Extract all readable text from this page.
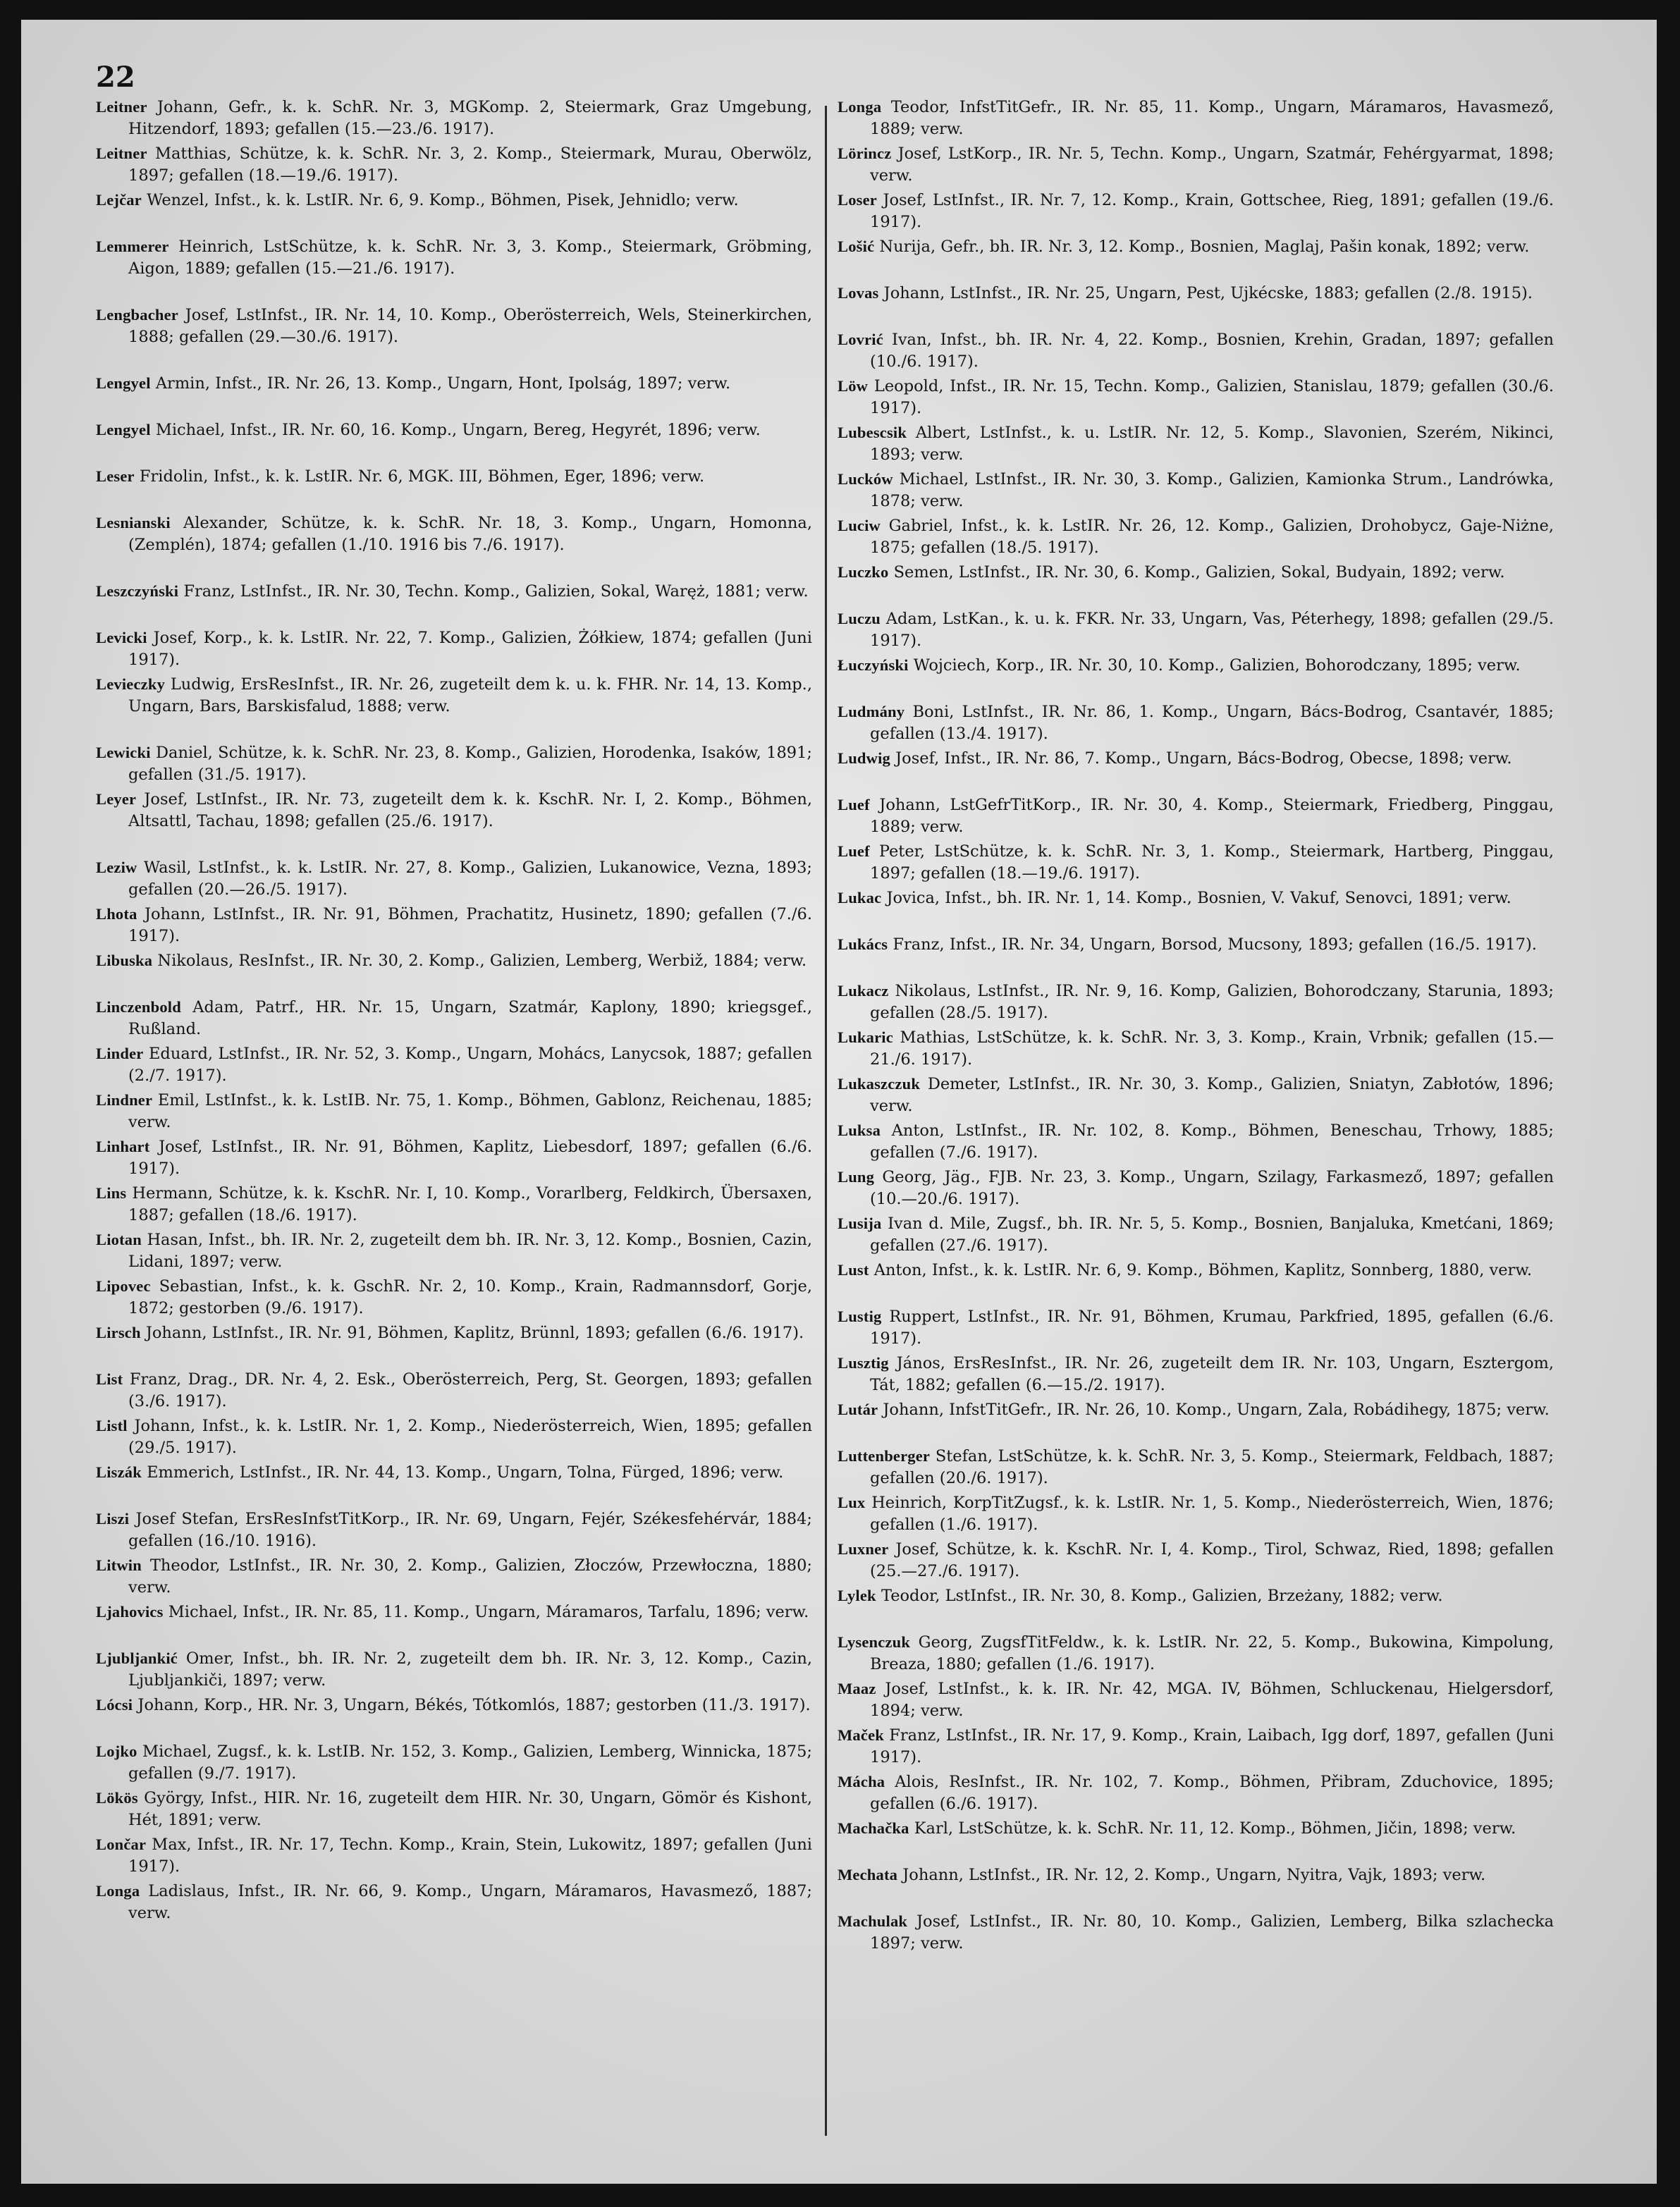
22

Leitner Johann, Gefr., k. k. SchR. Nr. 3, MGKomp. 2, Steiermark, Graz Umgebung, Hitzendorf, 1893; gefallen (15.—23./6. 1917).

Leitner Matthias, Schütze, k. k. SchR. Nr. 3, 2. Komp., Steiermark, Murau, Oberwölz, 1897; gefallen (18.—19./6. 1917).

Lejčar Wenzel, Infst., k. k. LstIR. Nr. 6, 9. Komp., Böhmen, Pisek, Jehnidlo; verw.

Lemmerer Heinrich, LstSchütze, k. k. SchR. Nr. 3, 3. Komp., Steiermark, Gröbming, Aigon, 1889; gefallen (15.—21./6. 1917).

Lengbacher Josef, LstInfst., IR. Nr. 14, 10. Komp., Oberösterreich, Wels, Steinerkirchen, 1888; gefallen (29.—30./6. 1917).

Lengyel Armin, Infst., IR. Nr. 26, 13. Komp., Ungarn, Hont, Ipolság, 1897; verw.

Lengyel Michael, Infst., IR. Nr. 60, 16. Komp., Ungarn, Bereg, Hegyrét, 1896; verw.

Leser Fridolin, Infst., k. k. LstIR. Nr. 6, MGK. III, Böhmen, Eger, 1896; verw.

Lesnianski Alexander, Schütze, k. k. SchR. Nr. 18, 3. Komp., Ungarn, Homonna, (Zemplén), 1874; gefallen (1./10. 1916 bis 7./6. 1917).

Leszczyński Franz, LstInfst., IR. Nr. 30, Techn. Komp., Galizien, Sokal, Waręż, 1881; verw.

Levicki Josef, Korp., k. k. LstIR. Nr. 22, 7. Komp., Galizien, Żółkiew, 1874; gefallen (Juni 1917).

Levieczky Ludwig, ErsResInfst., IR. Nr. 26, zugeteilt dem k. u. k. FHR. Nr. 14, 13. Komp., Ungarn, Bars, Barskisfalud, 1888; verw.

Lewicki Daniel, Schütze, k. k. SchR. Nr. 23, 8. Komp., Galizien, Horodenka, Isaków, 1891; gefallen (31./5. 1917).

Leyer Josef, LstInfst., IR. Nr. 73, zugeteilt dem k. k. KschR. Nr. I, 2. Komp., Böhmen, Altsattl, Tachau, 1898; gefallen (25./6. 1917).

Leziw Wasil, LstInfst., k. k. LstIR. Nr. 27, 8. Komp., Galizien, Lukanowice, Vezna, 1893; gefallen (20.—26./5. 1917).

Lhota Johann, LstInfst., IR. Nr. 91, Böhmen, Prachatitz, Husinetz, 1890; gefallen (7./6. 1917).

Libuska Nikolaus, ResInfst., IR. Nr. 30, 2. Komp., Galizien, Lemberg, Werbiž, 1884; verw.

Linczenbold Adam, Patrf., HR. Nr. 15, Ungarn, Szatmár, Kaplony, 1890; kriegsgef., Rußland.

Linder Eduard, LstInfst., IR. Nr. 52, 3. Komp., Ungarn, Mohács, Lanycsok, 1887; gefallen (2./7. 1917).

Lindner Emil, LstInfst., k. k. LstIB. Nr. 75, 1. Komp., Böhmen, Gablonz, Reichenau, 1885; verw.

Linhart Josef, LstInfst., IR. Nr. 91, Böhmen, Kaplitz, Liebesdorf, 1897; gefallen (6./6. 1917).

Lins Hermann, Schütze, k. k. KschR. Nr. I, 10. Komp., Vorarlberg, Feldkirch, Übersaxen, 1887; gefallen (18./6. 1917).

Liotan Hasan, Infst., bh. IR. Nr. 2, zugeteilt dem bh. IR. Nr. 3, 12. Komp., Bosnien, Cazin, Lidani, 1897; verw.

Lipovec Sebastian, Infst., k. k. GschR. Nr. 2, 10. Komp., Krain, Radmannsdorf, Gorje, 1872; gestorben (9./6. 1917).

Lirsch Johann, LstInfst., IR. Nr. 91, Böhmen, Kaplitz, Brünnl, 1893; gefallen (6./6. 1917).

List Franz, Drag., DR. Nr. 4, 2. Esk., Oberösterreich, Perg, St. Georgen, 1893; gefallen (3./6. 1917).

Listl Johann, Infst., k. k. LstIR. Nr. 1, 2. Komp., Niederösterreich, Wien, 1895; gefallen (29./5. 1917).

Liszák Emmerich, LstInfst., IR. Nr. 44, 13. Komp., Ungarn, Tolna, Fürged, 1896; verw.

Liszi Josef Stefan, ErsResInfstTitKorp., IR. Nr. 69, Ungarn, Fejér, Székesfehérvár, 1884; gefallen (16./10. 1916).

Litwin Theodor, LstInfst., IR. Nr. 30, 2. Komp., Galizien, Złoczów, Przewłoczna, 1880; verw.

Ljahovics Michael, Infst., IR. Nr. 85, 11. Komp., Ungarn, Máramaros, Tarfalu, 1896; verw.

Ljubljankić Omer, Infst., bh. IR. Nr. 2, zugeteilt dem bh. IR. Nr. 3, 12. Komp., Cazin, Ljubljankiči, 1897; verw.

Lócsi Johann, Korp., HR. Nr. 3, Ungarn, Békés, Tótkomlós, 1887; gestorben (11./3. 1917).

Lojko Michael, Zugsf., k. k. LstIB. Nr. 152, 3. Komp., Galizien, Lemberg, Winnicka, 1875; gefallen (9./7. 1917).

Lökös György, Infst., HIR. Nr. 16, zugeteilt dem HIR. Nr. 30, Ungarn, Gömör és Kishont, Hét, 1891; verw.

Lončar Max, Infst., IR. Nr. 17, Techn. Komp., Krain, Stein, Lukowitz, 1897; gefallen (Juni 1917).

Longa Ladislaus, Infst., IR. Nr. 66, 9. Komp., Ungarn, Máramaros, Havasmező, 1887; verw.

Longa Teodor, InfstTitGefr., IR. Nr. 85, 11. Komp., Ungarn, Máramaros, Havasmező, 1889; verw.

Lörincz Josef, LstKorp., IR. Nr. 5, Techn. Komp., Ungarn, Szatmár, Fehérgyarmat, 1898; verw.

Loser Josef, LstInfst., IR. Nr. 7, 12. Komp., Krain, Gottschee, Rieg, 1891; gefallen (19./6. 1917).

Lošić Nurija, Gefr., bh. IR. Nr. 3, 12. Komp., Bosnien, Maglaj, Pašin konak, 1892; verw.

Lovas Johann, LstInfst., IR. Nr. 25, Ungarn, Pest, Ujkécske, 1883; gefallen (2./8. 1915).

Lovrić Ivan, Infst., bh. IR. Nr. 4, 22. Komp., Bosnien, Krehin, Gradan, 1897; gefallen (10./6. 1917).

Löw Leopold, Infst., IR. Nr. 15, Techn. Komp., Galizien, Stanislau, 1879; gefallen (30./6. 1917).

Lubescsik Albert, LstInfst., k. u. LstIR. Nr. 12, 5. Komp., Slavonien, Szerém, Nikinci, 1893; verw.

Lucków Michael, LstInfst., IR. Nr. 30, 3. Komp., Galizien, Kamionka Strum., Landrówka, 1878; verw.

Luciw Gabriel, Infst., k. k. LstIR. Nr. 26, 12. Komp., Galizien, Drohobycz, Gaje-Niżne, 1875; gefallen (18./5. 1917).

Luczko Semen, LstInfst., IR. Nr. 30, 6. Komp., Galizien, Sokal, Budyain, 1892; verw.

Luczu Adam, LstKan., k. u. k. FKR. Nr. 33, Ungarn, Vas, Péterhegy, 1898; gefallen (29./5. 1917).

Łuczyński Wojciech, Korp., IR. Nr. 30, 10. Komp., Galizien, Bohorodczany, 1895; verw.

Ludmány Boni, LstInfst., IR. Nr. 86, 1. Komp., Ungarn, Bács-Bodrog, Csantavér, 1885; gefallen (13./4. 1917).

Ludwig Josef, Infst., IR. Nr. 86, 7. Komp., Ungarn, Bács-Bodrog, Obecse, 1898; verw.

Luef Johann, LstGefrTitKorp., IR. Nr. 30, 4. Komp., Steiermark, Friedberg, Pinggau, 1889; verw.

Luef Peter, LstSchütze, k. k. SchR. Nr. 3, 1. Komp., Steiermark, Hartberg, Pinggau, 1897; gefallen (18.—19./6. 1917).

Lukac Jovica, Infst., bh. IR. Nr. 1, 14. Komp., Bosnien, V. Vakuf, Senovci, 1891; verw.

Lukács Franz, Infst., IR. Nr. 34, Ungarn, Borsod, Mucsony, 1893; gefallen (16./5. 1917).

Lukacz Nikolaus, LstInfst., IR. Nr. 9, 16. Komp, Galizien, Bohorodczany, Starunia, 1893; gefallen (28./5. 1917).

Lukaric Mathias, LstSchütze, k. k. SchR. Nr. 3, 3. Komp., Krain, Vrbnik; gefallen (15.—21./6. 1917).

Lukaszczuk Demeter, LstInfst., IR. Nr. 30, 3. Komp., Galizien, Sniatyn, Zabłotów, 1896; verw.

Luksa Anton, LstInfst., IR. Nr. 102, 8. Komp., Böhmen, Beneschau, Trhowy, 1885; gefallen (7./6. 1917).

Lung Georg, Jäg., FJB. Nr. 23, 3. Komp., Ungarn, Szilagy, Farkasmező, 1897; gefallen (10.—20./6. 1917).

Lusija Ivan d. Mile, Zugsf., bh. IR. Nr. 5, 5. Komp., Bosnien, Banjaluka, Kmetćani, 1869; gefallen (27./6. 1917).

Lust Anton, Infst., k. k. LstIR. Nr. 6, 9. Komp., Böhmen, Kaplitz, Sonnberg, 1880, verw.

Lustig Ruppert, LstInfst., IR. Nr. 91, Böhmen, Krumau, Parkfried, 1895, gefallen (6./6. 1917).

Lusztig János, ErsResInfst., IR. Nr. 26, zugeteilt dem IR. Nr. 103, Ungarn, Esztergom, Tát, 1882; gefallen (6.—15./2. 1917).

Lutár Johann, InfstTitGefr., IR. Nr. 26, 10. Komp., Ungarn, Zala, Robádihegy, 1875; verw.

Luttenberger Stefan, LstSchütze, k. k. SchR. Nr. 3, 5. Komp., Steiermark, Feldbach, 1887; gefallen (20./6. 1917).

Lux Heinrich, KorpTitZugsf., k. k. LstIR. Nr. 1, 5. Komp., Niederösterreich, Wien, 1876; gefallen (1./6. 1917).

Luxner Josef, Schütze, k. k. KschR. Nr. I, 4. Komp., Tirol, Schwaz, Ried, 1898; gefallen (25.—27./6. 1917).

Lylek Teodor, LstInfst., IR. Nr. 30, 8. Komp., Galizien, Brzeżany, 1882; verw.

Lysenczuk Georg, ZugsfTitFeldw., k. k. LstIR. Nr. 22, 5. Komp., Bukowina, Kimpolung, Breaza, 1880; gefallen (1./6. 1917).

Maaz Josef, LstInfst., k. k. IR. Nr. 42, MGA. IV, Böhmen, Schluckenau, Hielgersdorf, 1894; verw.

Maček Franz, LstInfst., IR. Nr. 17, 9. Komp., Krain, Laibach, Igg dorf, 1897, gefallen (Juni 1917).

Mácha Alois, ResInfst., IR. Nr. 102, 7. Komp., Böhmen, Přibram, Zduchovice, 1895; gefallen (6./6. 1917).

Machačka Karl, LstSchütze, k. k. SchR. Nr. 11, 12. Komp., Böhmen, Jičin, 1898; verw.

Mechata Johann, LstInfst., IR. Nr. 12, 2. Komp., Ungarn, Nyitra, Vajk, 1893; verw.

Machulak Josef, LstInfst., IR. Nr. 80, 10. Komp., Galizien, Lemberg, Bilka szlachecka 1897; verw.
